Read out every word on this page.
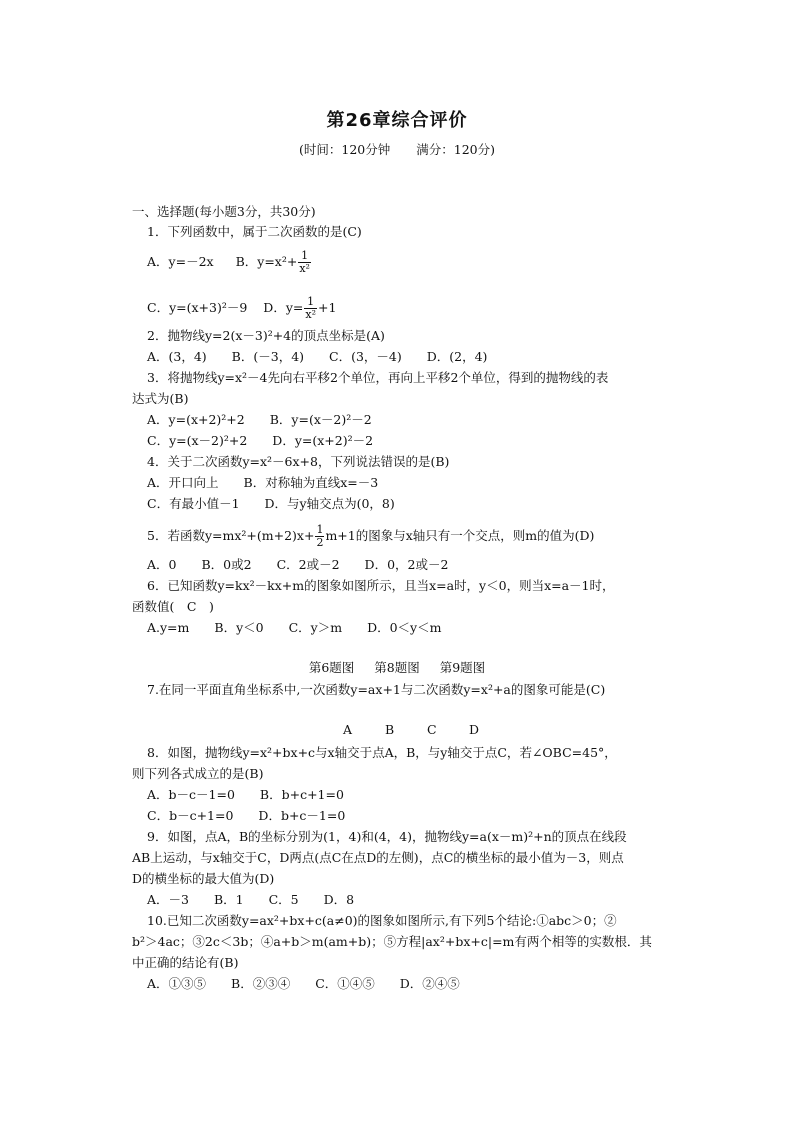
第26章综合评价
(时间：120分钟 满分：120分)
一、选择题(每小题3分，共30分)
1．下列函数中，属于二次函数的是(C)
A．y=－2x B．$y=x^2+ \frac{1}{\text{x²}}$
C．y=(x+3)²－9 D．$y= \frac{1}{\text{x²}} +1$
2．抛物线y=2(x－3)²+4的顶点坐标是(A)
A．(3，4)　　B．(－3，4)　　C．(3，－4)　　D．(2，4)
3．将抛物线y=x²－4先向右平移2个单位，再向上平移2个单位，得到的抛物线的表
达式为(B)
A．y=(x+2)²+2　　B．y=(x－2)²－2
C．y=(x－2)²+2　　D．y=(x+2)²－2
4．关于二次函数y=x²－6x+8，下列说法错误的是(B)
A．开口向上　　B．对称轴为直线x=－3
C．有最小值－1　　D．与y轴交点为(0，8)
5．若函数$y=mx^2+(m+2)x+ \frac{1}{2} m+1$的图象与x轴只有一个交点，则m的值为(D)
A．0　　B．0或2　　C．2或－2　　D．0，2或－2
6．已知函数y=kx²－kx+m的图象如图所示，且当x=a时，y＜0，则当x=a－1时，
函数值(　C　)
A.y=m　　B．y＜0　　C．y＞m　　D．0＜y＜m
第6题图 第8题图 第9题图
7.在同一平面直角坐标系中,一次函数y=ax+1与二次函数y=x²+a的图象可能是(C)
A	B	C	D
8．如图，抛物线y=x²+bx+c与x轴交于点A，B，与y轴交于点C，若∠OBC=45°，
则下列各式成立的是(B)
A．b－c－1=0　　B．b+c+1=0
C．b－c+1=0　　D．b+c－1=0
9．如图，点A，B的坐标分别为(1，4)和(4，4)，抛物线y=a(x－m)²+n的顶点在线段
AB上运动，与x轴交于C，D两点(点C在点D的左侧)，点C的横坐标的最小值为－3，则点
D的横坐标的最大值为(D)
A．－3　　B．1　　C．5　　D．8
10.已知二次函数y=ax²+bx+c(a≠0)的图象如图所示,有下列5个结论:①abc＞0；②
b²＞4ac；③2c＜3b；④a+b＞m(am+b)；⑤方程|ax²+bx+c|=m有两个相等的实数根．其
中正确的结论有(B)
A．①③⑤　　B．②③④　　C．①④⑤　　D．②④⑤
